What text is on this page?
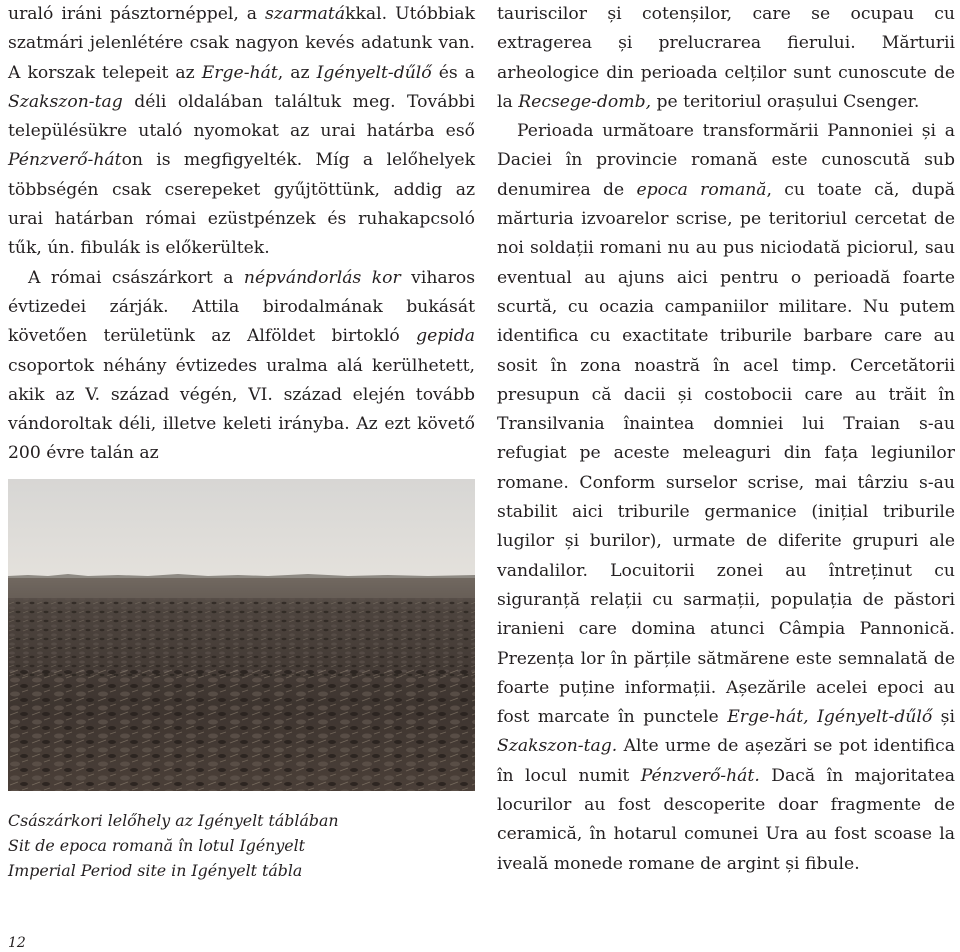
uraló iráni pásztornéppel, a szarmatákkal. Utóbbiak szatmári jelenlétére csak nagyon kevés adatunk van. A korszak telepeit az Erge-hát, az Igényelt-dűlő és a Szakszon-tag déli oldalában találtuk meg. További településükre utaló nyomokat az urai határba eső Pénzverő-háton is megfigyelték. Míg a lelőhelyek többségén csak cserepeket gyűjtöttünk, addig az urai határban római ezüstpénzek és ruhakapcsoló tűk, ún. fibulák is előkerültek.

A római császárkort a népvándorlás kor viharos évtizedei zárják. Attila birodalmának bukását követően területünk az Alföldet birtokló gepida csoportok néhány évtizedes uralma alá kerülhetett, akik az V. század végén, VI. század elején tovább vándoroltak déli, illetve keleti irányba. Az ezt követő 200 évre talán az

Császárkori lelőhely az Igényelt táblában
Sit de epoca romană în lotul Igényelt
Imperial Period site in Igényelt tábla

tauriscilor și cotenșilor, care se ocupau cu extragerea și prelucrarea fierului. Mărturii arheologice din perioada celților sunt cunoscute de la Recsege-domb, pe teritoriul orașului Csenger.

Perioada următoare transformării Pannoniei și a Daciei în provincie romană este cunoscută sub denumirea de epoca romană, cu toate că, după mărturia izvoarelor scrise, pe teritoriul cercetat de noi soldații romani nu au pus niciodată piciorul, sau eventual au ajuns aici pentru o perioadă foarte scurtă, cu ocazia campaniilor militare. Nu putem identifica cu exactitate triburile barbare care au sosit în zona noastră în acel timp. Cercetătorii presupun că dacii și costobocii care au trăit în Transilvania înaintea domniei lui Traian s-au refugiat pe aceste meleaguri din fața legiunilor romane. Conform surselor scrise, mai târziu s-au stabilit aici triburile germanice (inițial triburile lugilor și burilor), urmate de diferite grupuri ale vandalilor. Locuitorii zonei au întreținut cu siguranță relații cu sarmații, populația de păstori iranieni care domina atunci Câmpia Pannonică. Prezența lor în părțile sătmărene este semnalată de foarte puține informații. Așezările acelei epoci au fost marcate în punctele Erge-hát, Igényelt-dűlő și Szakszon-tag. Alte urme de așezări se pot identifica în locul numit Pénzverő-hát. Dacă în majoritatea locurilor au fost descoperite doar fragmente de ceramică, în hotarul comunei Ura au fost scoase la iveală monede romane de argint și fibule.

12
